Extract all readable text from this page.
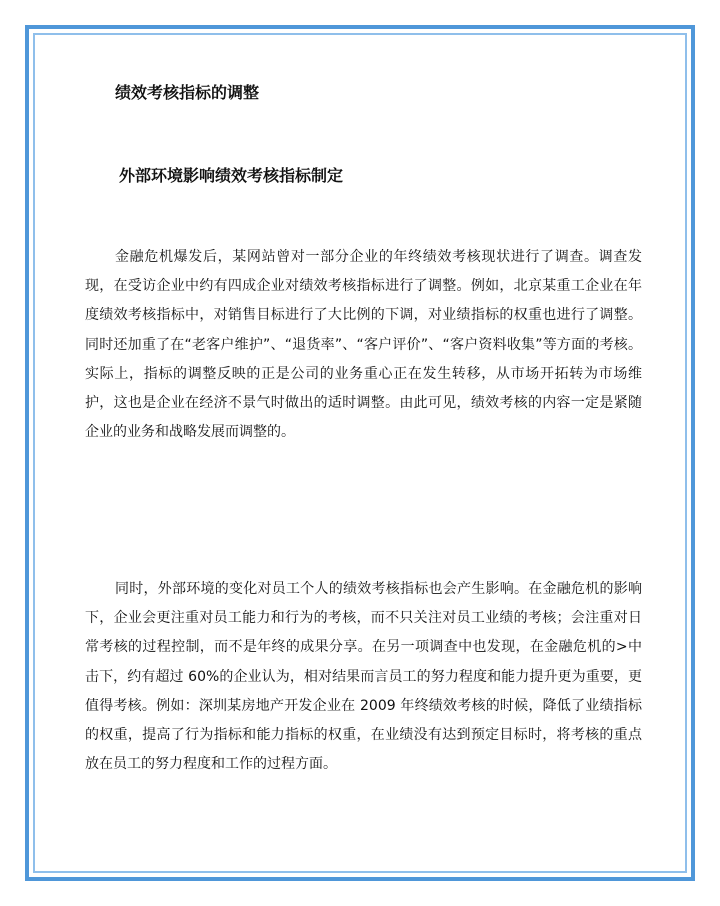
绩效考核指标的调整
外部环境影响绩效考核指标制定

金融危机爆发后，某网站曾对一部分企业的年终绩效考核现状进行了调查。调查发现，在受访企业中约有四成企业对绩效考核指标进行了调整。例如，北京某重工企业在年度绩效考核指标中，对销售目标进行了大比例的下调，对业绩指标的权重也进行了调整。同时还加重了在“老客户维护”、“退货率”、“客户评价”、“客户资料收集”等方面的考核。实际上，指标的调整反映的正是公司的业务重心正在发生转移，从市场开拓转为市场维护，这也是企业在经济不景气时做出的适时调整。由此可见，绩效考核的内容一定是紧随企业的业务和战略发展而调整的。

同时，外部环境的变化对员工个人的绩效考核指标也会产生影响。在金融危机的影响下，企业会更注重对员工能力和行为的考核，而不只关注对员工业绩的考核；会注重对日常考核的过程控制，而不是年终的成果分享。在另一项调查中也发现，在金融危机的>中击下，约有超过 60%的企业认为，相对结果而言员工的努力程度和能力提升更为重要，更值得考核。例如：深圳某房地产开发企业在 2009 年终绩效考核的时候，降低了业绩指标的权重，提高了行为指标和能力指标的权重，在业绩没有达到预定目标时，将考核的重点放在员工的努力程度和工作的过程方面。
